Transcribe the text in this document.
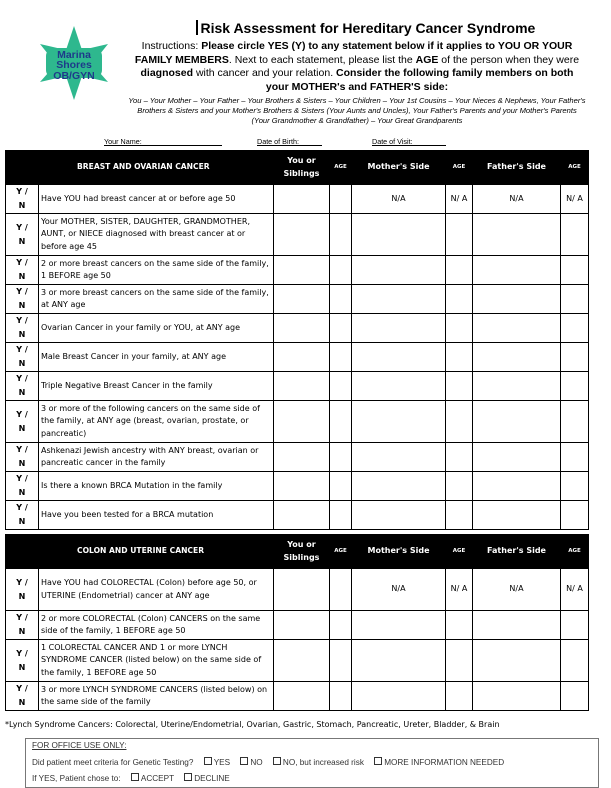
Marina
Shores
OB/GYN
Risk Assessment for Hereditary Cancer Syndrome
Instructions: Please circle YES (Y) to any statement below if it applies to YOU OR YOUR FAMILY MEMBERS. Next to each statement, please list the AGE of the person when they were diagnosed with cancer and your relation. Consider the following family members on both your MOTHER's and FATHER'S side:
You – Your Mother – Your Father – Your Brothers & Sisters – Your Children – Your 1st Cousins – Your Nieces & Nephews, Your Father's Brothers & Sisters and your Mother's Brothers & Sisters (Your Aunts and Uncles), Your Father's Parents and your Mother's Parents (Your Grandmother & Grandfather) – Your Great Grandparents
Your Name:	Date of Birth:	Date of Visit:
	BREAST AND OVARIAN CANCER	You or Siblings	AGE	Mother's Side	AGE	Father's Side	AGE

Y /
N	Have YOU had breast cancer at or before age 50			N/A	N/ A	N/A	N/ A

Y /
N	Your MOTHER, SISTER, DAUGHTER, GRANDMOTHER, AUNT, or NIECE diagnosed with breast cancer at or before age 45						

Y /
N	2 or more breast cancers on the same side of the family, 1 BEFORE age 50						

Y /
N	3 or more breast cancers on the same side of the family, at ANY age						

Y /
N	Ovarian Cancer in your family or YOU, at ANY age						

Y /
N	Male Breast Cancer in your family, at ANY age						

Y /
N	Triple Negative Breast Cancer in the family						

Y /
N	3 or more of the following cancers on the same side of the family, at ANY age (breast, ovarian, prostate, or pancreatic)						

Y /
N	Ashkenazi Jewish ancestry with ANY breast, ovarian or pancreatic cancer in the family						

Y /
N	Is there a known BRCA Mutation in the family						

Y /
N	Have you been tested for a BRCA mutation						
	COLON AND UTERINE CANCER	You or Siblings	AGE	Mother's Side	AGE	Father's Side	AGE

Y /
N	Have YOU had COLORECTAL (Colon) before age 50, or UTERINE (Endometrial) cancer at ANY age			N/A	N/ A	N/A	N/ A

Y /
N	2 or more COLORECTAL (Colon) CANCERS on the same side of the family, 1 BEFORE age 50						

Y /
N	1 COLORECTAL CANCER AND 1 or more LYNCH SYNDROME CANCER (listed below) on the same side of the family, 1 BEFORE age 50						

Y /
N	3 or more LYNCH SYNDROME CANCERS (listed below) on the same side of the family						
*Lynch Syndrome Cancers: Colorectal, Uterine/Endometrial, Ovarian, Gastric, Stomach, Pancreatic, Ureter, Bladder, & Brain
FOR OFFICE USE ONLY:
Did patient meet criteria for Genetic Testing? YES NO NO, but increased risk MORE INFORMATION NEEDED
If YES, Patient chose to: ACCEPT DECLINE
